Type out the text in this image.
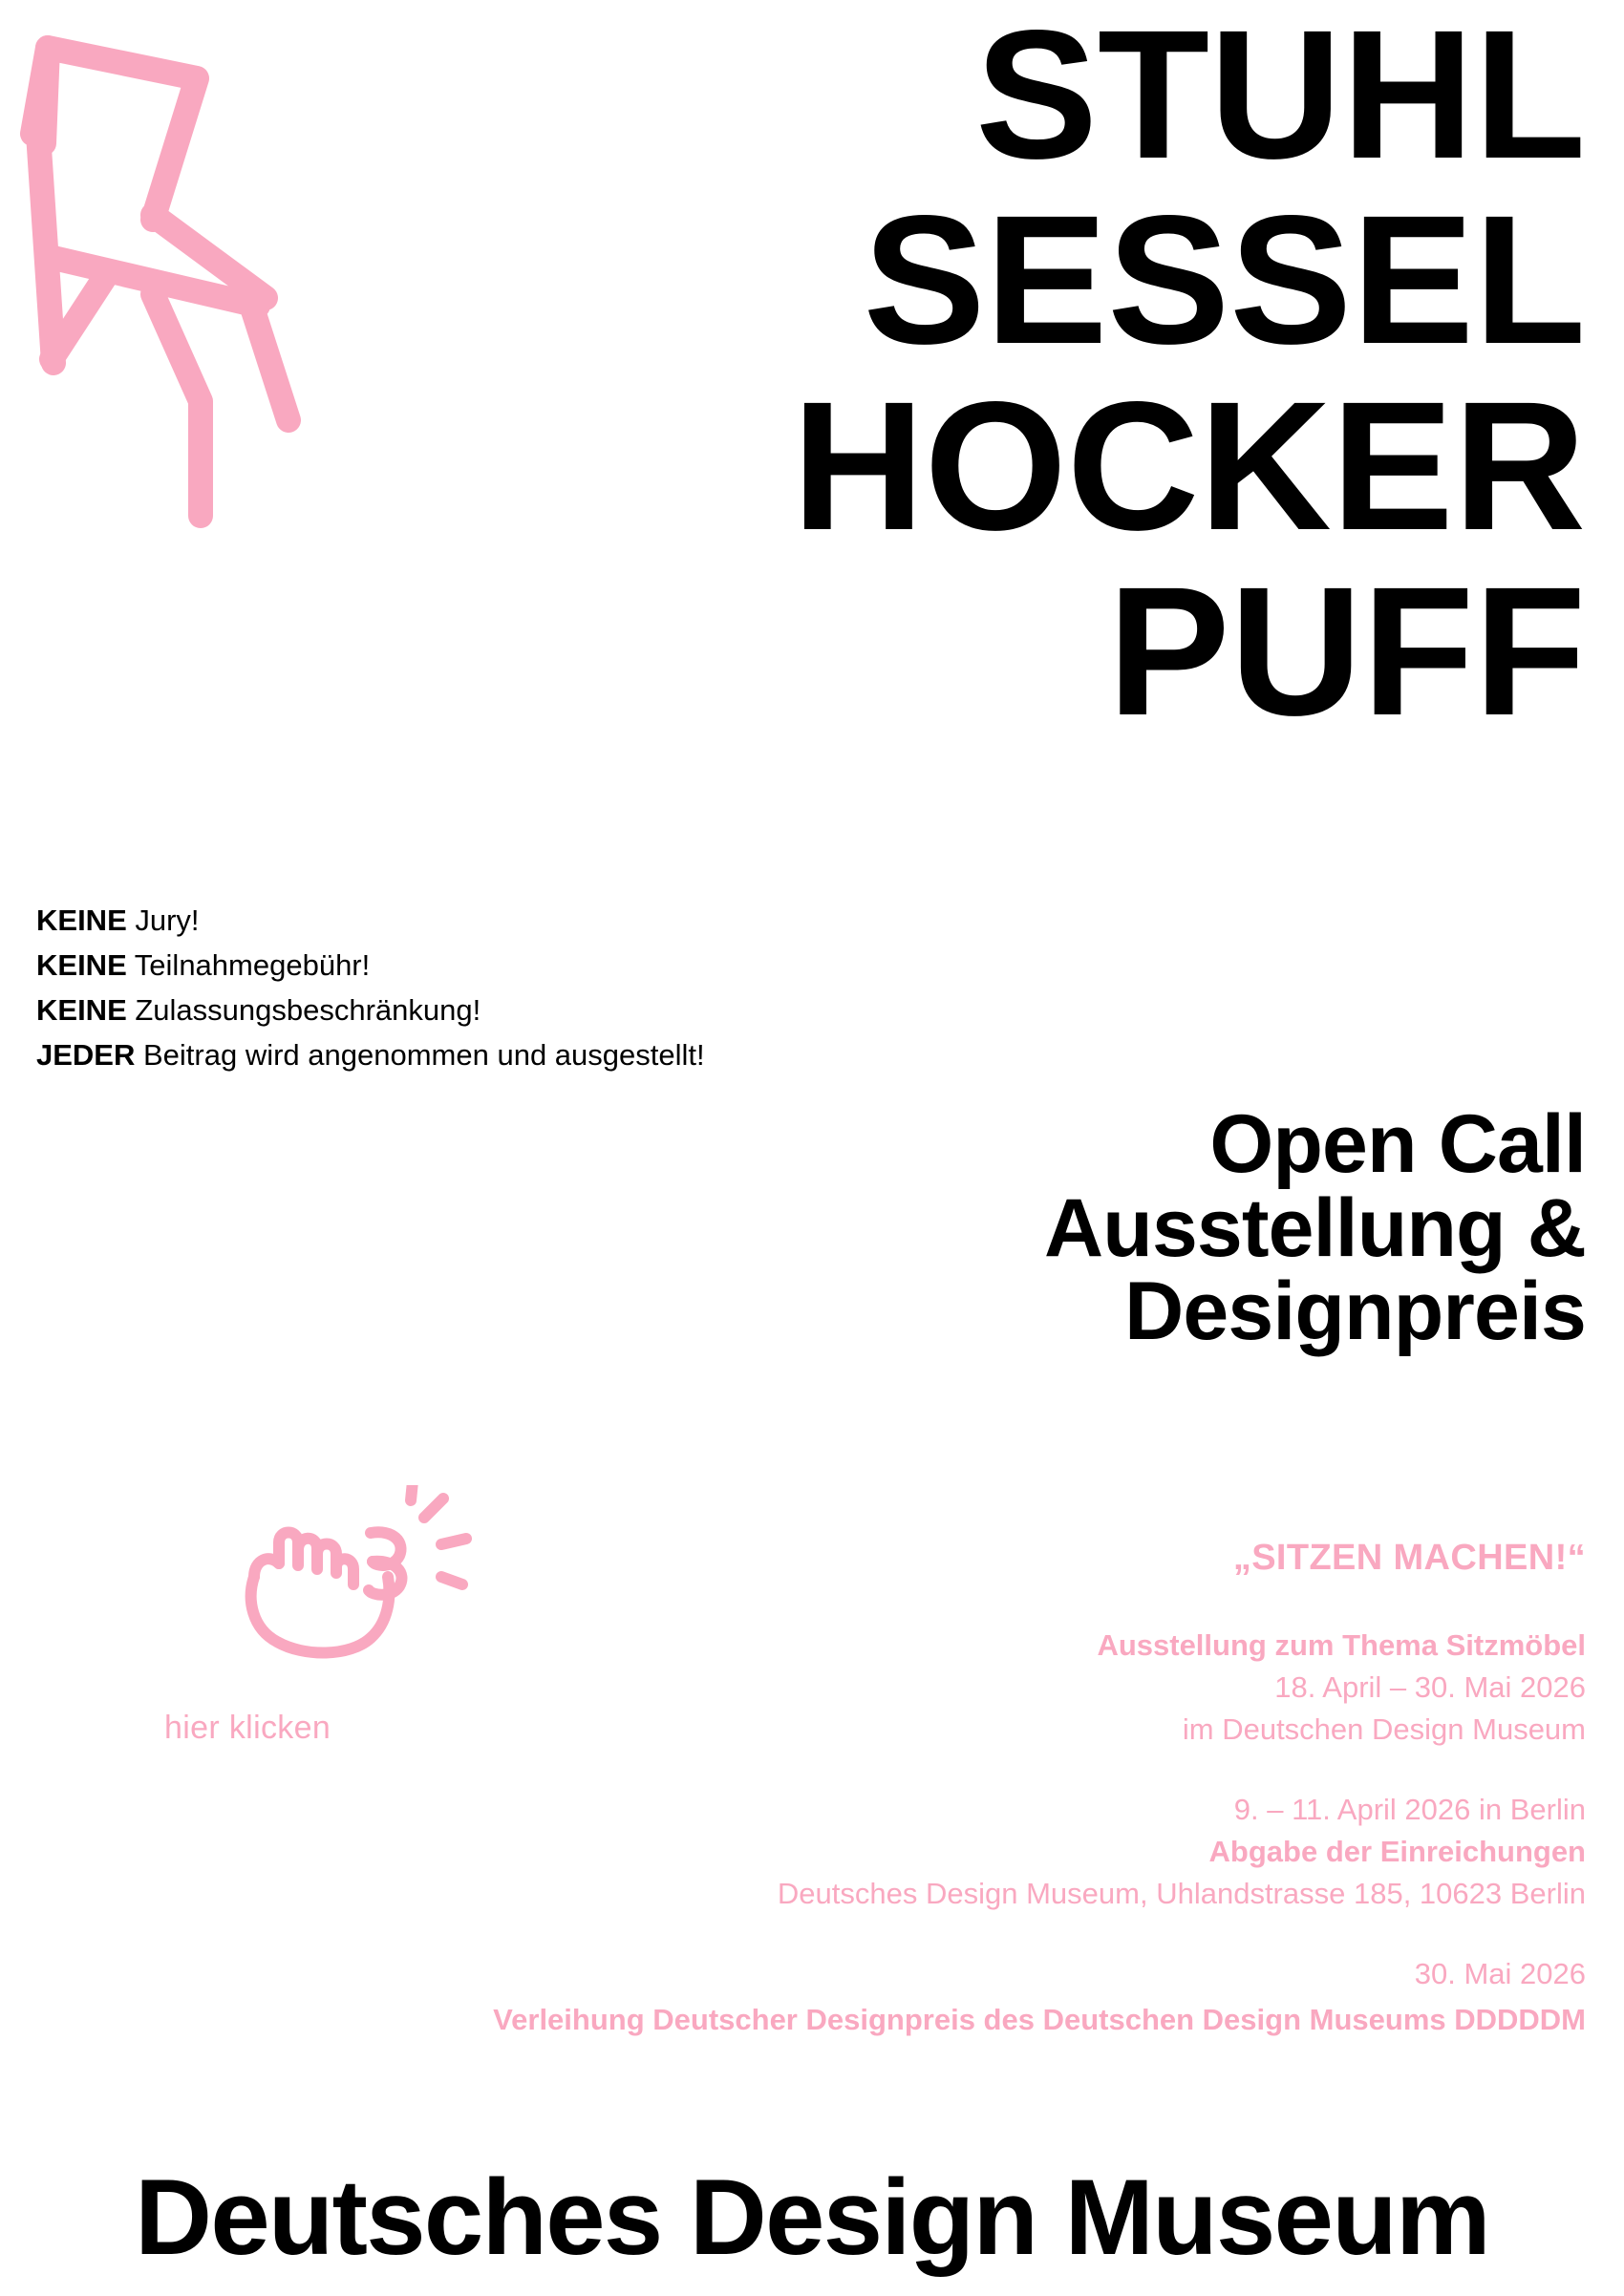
STUHL
SESSEL
HOCKER
PUFF
KEINE Jury!
KEINE Teilnahmegebühr!
KEINE Zulassungsbeschränkung!
JEDER Beitrag wird angenommen und ausgestellt!
Open Call
Ausstellung &
Designpreis
„SITZEN MACHEN!“
Ausstellung zum Thema Sitzmöbel
18. April – 30. Mai 2026
im Deutschen Design Museum
9. – 11. April 2026 in Berlin
Abgabe der Einreichungen
Deutsches Design Museum, Uhlandstrasse 185, 10623 Berlin
30. Mai 2026
Verleihung Deutscher Designpreis des Deutschen Design Museums DDDDDM
hier klicken
Deutsches Design Museum
